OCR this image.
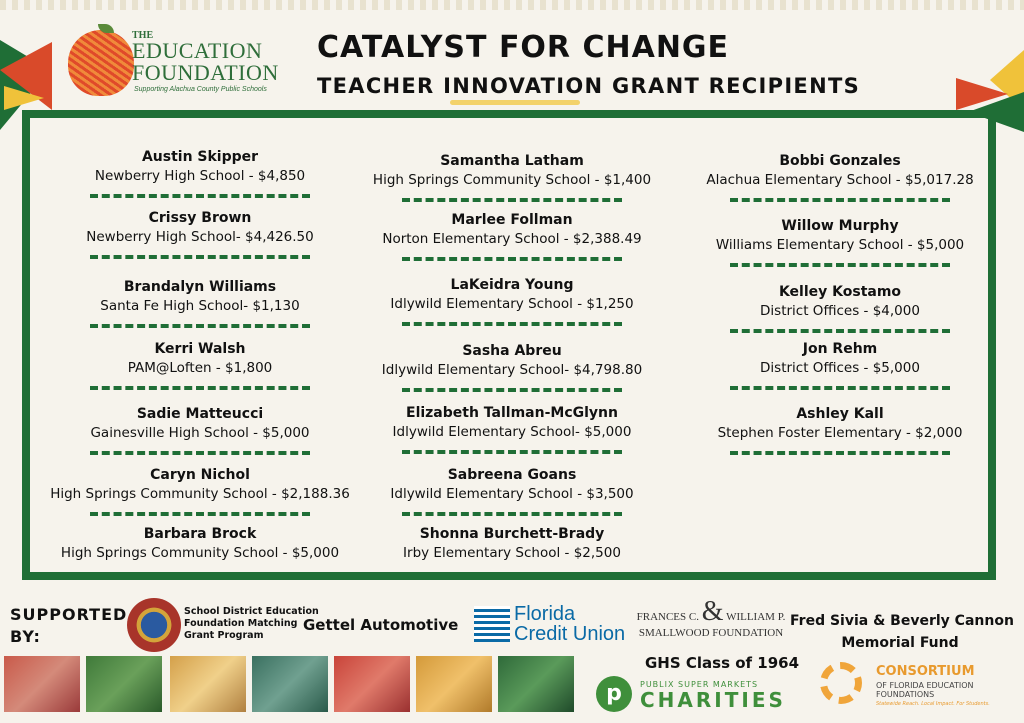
THE
EDUCATION
FOUNDATION
Supporting Alachua County Public Schools
CATALYST FOR CHANGE
TEACHER INNOVATION GRANT RECIPIENTS
Austin Skipper
Newberry High School - $4,850
Crissy Brown
Newberry High School- $4,426.50
Brandalyn Williams
Santa Fe High School- $1,130
Kerri Walsh
PAM@Loften - $1,800
Sadie Matteucci
Gainesville High School - $5,000
Caryn Nichol
High Springs Community School - $2,188.36
Barbara Brock
High Springs Community School - $5,000
Samantha Latham
High Springs Community School - $1,400
Marlee Follman
Norton Elementary School - $2,388.49
LaKeidra Young
Idlywild Elementary School - $1,250
Sasha Abreu
Idlywild Elementary School- $4,798.80
Elizabeth Tallman-McGlynn
Idlywild Elementary School- $5,000
Sabreena Goans
Idlywild Elementary School - $3,500
Shonna Burchett-Brady
Irby Elementary School - $2,500
Bobbi Gonzales
Alachua Elementary School - $5,017.28
Willow Murphy
Williams Elementary School - $5,000
Kelley Kostamo
District Offices - $4,000
Jon Rehm
District Offices - $5,000
Ashley Kall
Stephen Foster Elementary - $2,000
SUPPORTED
BY:
School District Education
Foundation Matching
Grant Program
Gettel Automotive	Florida
Credit Union
FRANCES C. & WILLIAM P.
SMALLWOOD FOUNDATION
Fred Sivia & Beverly Cannon
Memorial Fund
GHS Class of 1964
p	PUBLIX SUPER MARKETS
CHARITIES
CONSORTIUM
OF FLORIDA EDUCATION
FOUNDATIONS
Statewide Reach. Local Impact. For Students.
